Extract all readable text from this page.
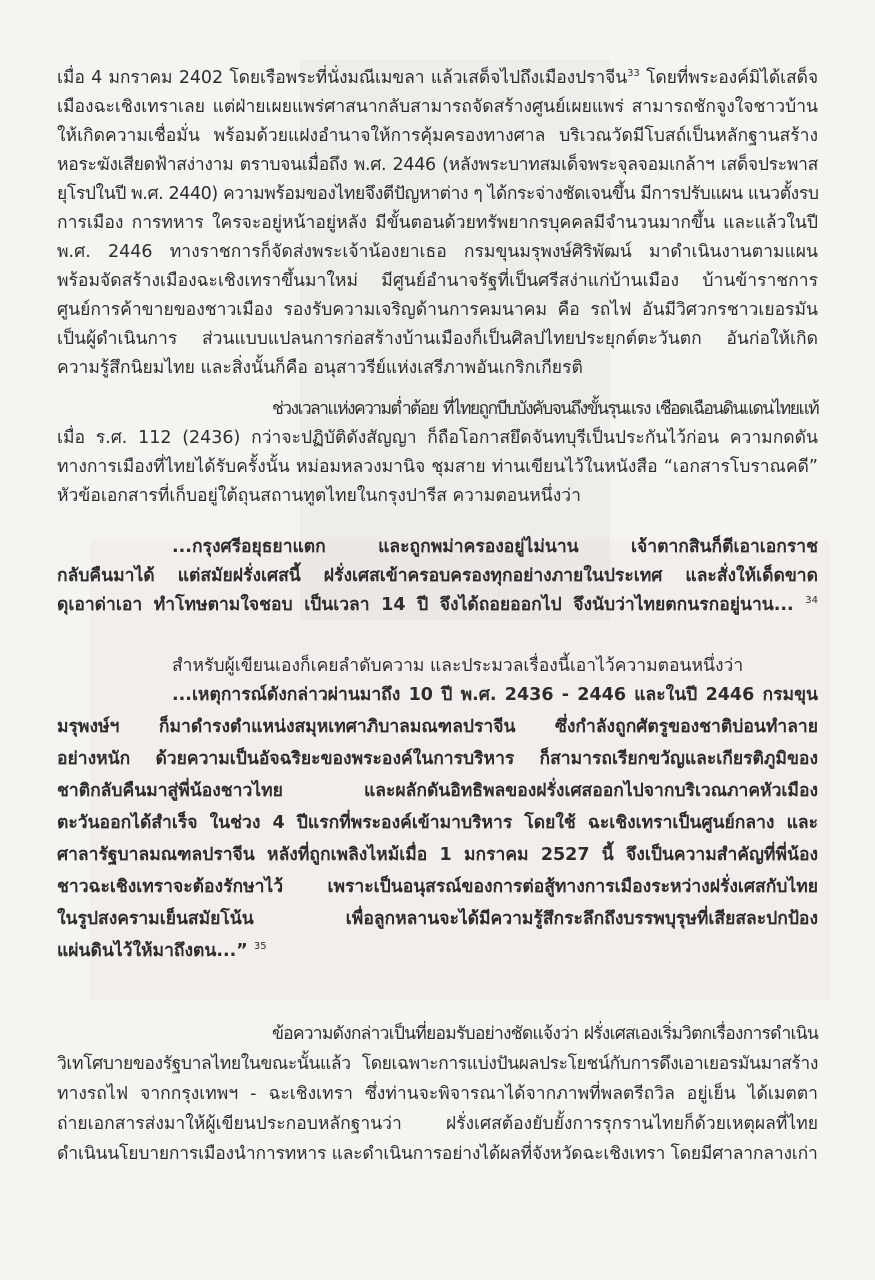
เมื่อ 4 มกราคม 2402 โดยเรือพระที่นั่งมณีเมขลา แล้วเสด็จไปถึงเมืองปราจีน$^{33}$ โดยที่พระองค์มิได้เสด็จ
เมืองฉะเชิงเทราเลย แต่ฝ่ายเผยแพร่ศาสนากลับสามารถจัดสร้างศูนย์เผยแพร่ สามารถชักจูงใจชาวบ้าน
ให้เกิดความเชื่อมั่น พร้อมด้วยแฝงอำนาจให้การคุ้มครองทางศาล บริเวณวัดมีโบสถ์เป็นหลักฐานสร้าง
หอระฆังเสียดฟ้าสง่างาม ตราบจนเมื่อถึง พ.ศ. 2446 (หลังพระบาทสมเด็จพระจุลจอมเกล้าฯ เสด็จประพาส
ยุโรปในปี พ.ศ. 2440) ความพร้อมของไทยจึงตีปัญหาต่าง ๆ ได้กระจ่างชัดเจนขึ้น มีการปรับแผน แนวตั้งรบ
การเมือง การทหาร ใครจะอยู่หน้าอยู่หลัง มีขั้นตอนด้วยทรัพยากรบุคคลมีจำนวนมากขึ้น และแล้วในปี
พ.ศ. 2446 ทางราชการก็จัดส่งพระเจ้าน้องยาเธอ กรมขุนมรุพงษ์ศิริพัฒน์ มาดำเนินงานตามแผน
พร้อมจัดสร้างเมืองฉะเชิงเทราขึ้นมาใหม่ มีศูนย์อำนาจรัฐที่เป็นศรีสง่าแก่บ้านเมือง บ้านข้าราชการ
ศูนย์การค้าขายของชาวเมือง รองรับความเจริญด้านการคมนาคม คือ รถไฟ อันมีวิศวกรชาวเยอรมัน
เป็นผู้ดำเนินการ ส่วนแบบแปลนการก่อสร้างบ้านเมืองก็เป็นศิลปไทยประยุกต์ตะวันตก อันก่อให้เกิด
ความรู้สึกนิยมไทย และสิ่งนั้นก็คือ อนุสาวรีย์แห่งเสรีภาพอันเกริกเกียรติ
ช่วงเวลาแห่งความต่ำต้อย ที่ไทยถูกบีบบังคับจนถึงขั้นรุนแรง เชือดเฉือนดินแดนไทยแท้
เมื่อ ร.ศ. 112 (2436) กว่าจะปฏิบัติดังสัญญา ก็ถือโอกาสยึดจันทบุรีเป็นประกันไว้ก่อน ความกดดัน
ทางการเมืองที่ไทยได้รับครั้งนั้น หม่อมหลวงมานิจ ชุมสาย ท่านเขียนไว้ในหนังสือ “เอกสารโบราณคดี”
หัวข้อเอกสารที่เก็บอยู่ใต้ถุนสถานทูตไทยในกรุงปารีส ความตอนหนึ่งว่า
...กรุงศรีอยุธยาแตก และถูกพม่าครองอยู่ไม่นาน เจ้าตากสินก็ตีเอาเอกราช
กลับคืนมาได้ แต่สมัยฝรั่งเศสนี้ ฝรั่งเศสเข้าครอบครองทุกอย่างภายในประเทศ และสั่งให้เด็ดขาด
ดุเอาด่าเอา ทำโทษตามใจชอบ เป็นเวลา 14 ปี จึงได้ถอยออกไป จึงนับว่าไทยตกนรกอยู่นาน... $^{34}$
สำหรับผู้เขียนเองก็เคยลำดับความ และประมวลเรื่องนี้เอาไว้ความตอนหนึ่งว่า
...เหตุการณ์ดังกล่าวผ่านมาถึง 10 ปี พ.ศ. 2436 - 2446 และในปี 2446 กรมขุน
มรุพงษ์ฯ ก็มาดำรงตำแหน่งสมุหเทศาภิบาลมณฑลปราจีน ซึ่งกำลังถูกศัตรูของชาติบ่อนทำลาย
อย่างหนัก ด้วยความเป็นอัจฉริยะของพระองค์ในการบริหาร ก็สามารถเรียกขวัญและเกียรติภูมิของ
ชาติกลับคืนมาสู่พี่น้องชาวไทย และผลักดันอิทธิพลของฝรั่งเศสออกไปจากบริเวณภาคหัวเมือง
ตะวันออกได้สำเร็จ ในช่วง 4 ปีแรกที่พระองค์เข้ามาบริหาร โดยใช้ ฉะเชิงเทราเป็นศูนย์กลาง และ
ศาลารัฐบาลมณฑลปราจีน หลังที่ถูกเพลิงไหม้เมื่อ 1 มกราคม 2527 นี้ จึงเป็นความสำคัญที่พี่น้อง
ชาวฉะเชิงเทราจะต้องรักษาไว้ เพราะเป็นอนุสรณ์ของการต่อสู้ทางการเมืองระหว่างฝรั่งเศสกับไทย
ในรูปสงครามเย็นสมัยโน้น เพื่อลูกหลานจะได้มีความรู้สึกระลึกถึงบรรพบุรุษที่เสียสละปกป้อง
แผ่นดินไว้ให้มาถึงตน...” $^{35}$
ข้อความดังกล่าวเป็นที่ยอมรับอย่างชัดแจ้งว่า ฝรั่งเศสเองเริ่มวิตกเรื่องการดำเนิน
วิเทโศบายของรัฐบาลไทยในขณะนั้นแล้ว โดยเฉพาะการแบ่งปันผลประโยชน์กับการดึงเอาเยอรมันมาสร้าง
ทางรถไฟ จากกรุงเทพฯ - ฉะเชิงเทรา ซึ่งท่านจะพิจารณาได้จากภาพที่พลตรีถวิล อยู่เย็น ได้เมตตา
ถ่ายเอกสารส่งมาให้ผู้เขียนประกอบหลักฐานว่า ฝรั่งเศสต้องยับยั้งการรุกรานไทยก็ด้วยเหตุผลที่ไทย
ดำเนินนโยบายการเมืองนำการทหาร และดำเนินการอย่างได้ผลที่จังหวัดฉะเชิงเทรา โดยมีศาลากลางเก่า
